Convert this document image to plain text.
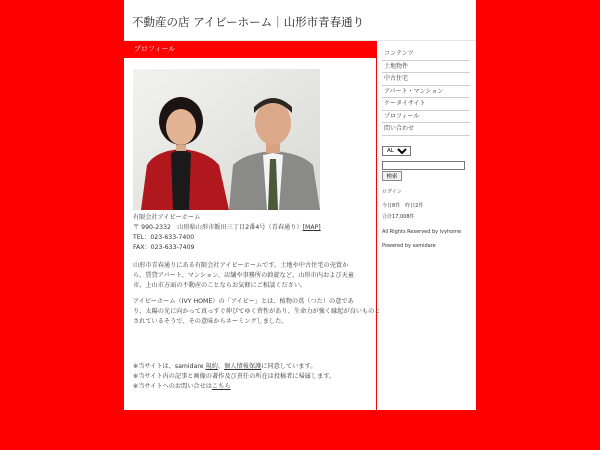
不動産の店 アイビーホーム｜山形市青春通り
プロフィール
有限会社アイビーホーム
〒 990-2332　山形県山形市飯田三丁目2番4号（青春通り）[MAP]
TEL：023-633-7400
FAX：023-633-7409
山形市青春通りにある有限会社アイビーホームです。土地や中古住宅の売買か
ら、賃貸アパート、マンション、店舗や事務所の斡旋など、山形市内および天童
市、上山市方面の不動産のことならお気軽にご相談ください。
アイビーホーム（IVY HOME）の「アイビー」とは、植物の蔦（つた）の意であ
り、太陽の光に向かって真っすぐ伸びてゆく習性があり、生命力が強く縁起が良いものと
されているそうで、その意味からネーミングしました。
※当サイトは、samidare 規約、個人情報保護に同意しています。
※当サイト内の記事と画像の著作及び責任の所在は投稿者に帰属します。
※当サイトへのお問い合せはこちら
コンテンツ
土地物件
中古住宅
アパート・マンション
ケータイサイト
プロフィール
問い合わせ
ALL
検索
ログイン
今日8件　昨日2件
合計17,008件
All Rights Reserved by ivyhome
Powered by samidare
